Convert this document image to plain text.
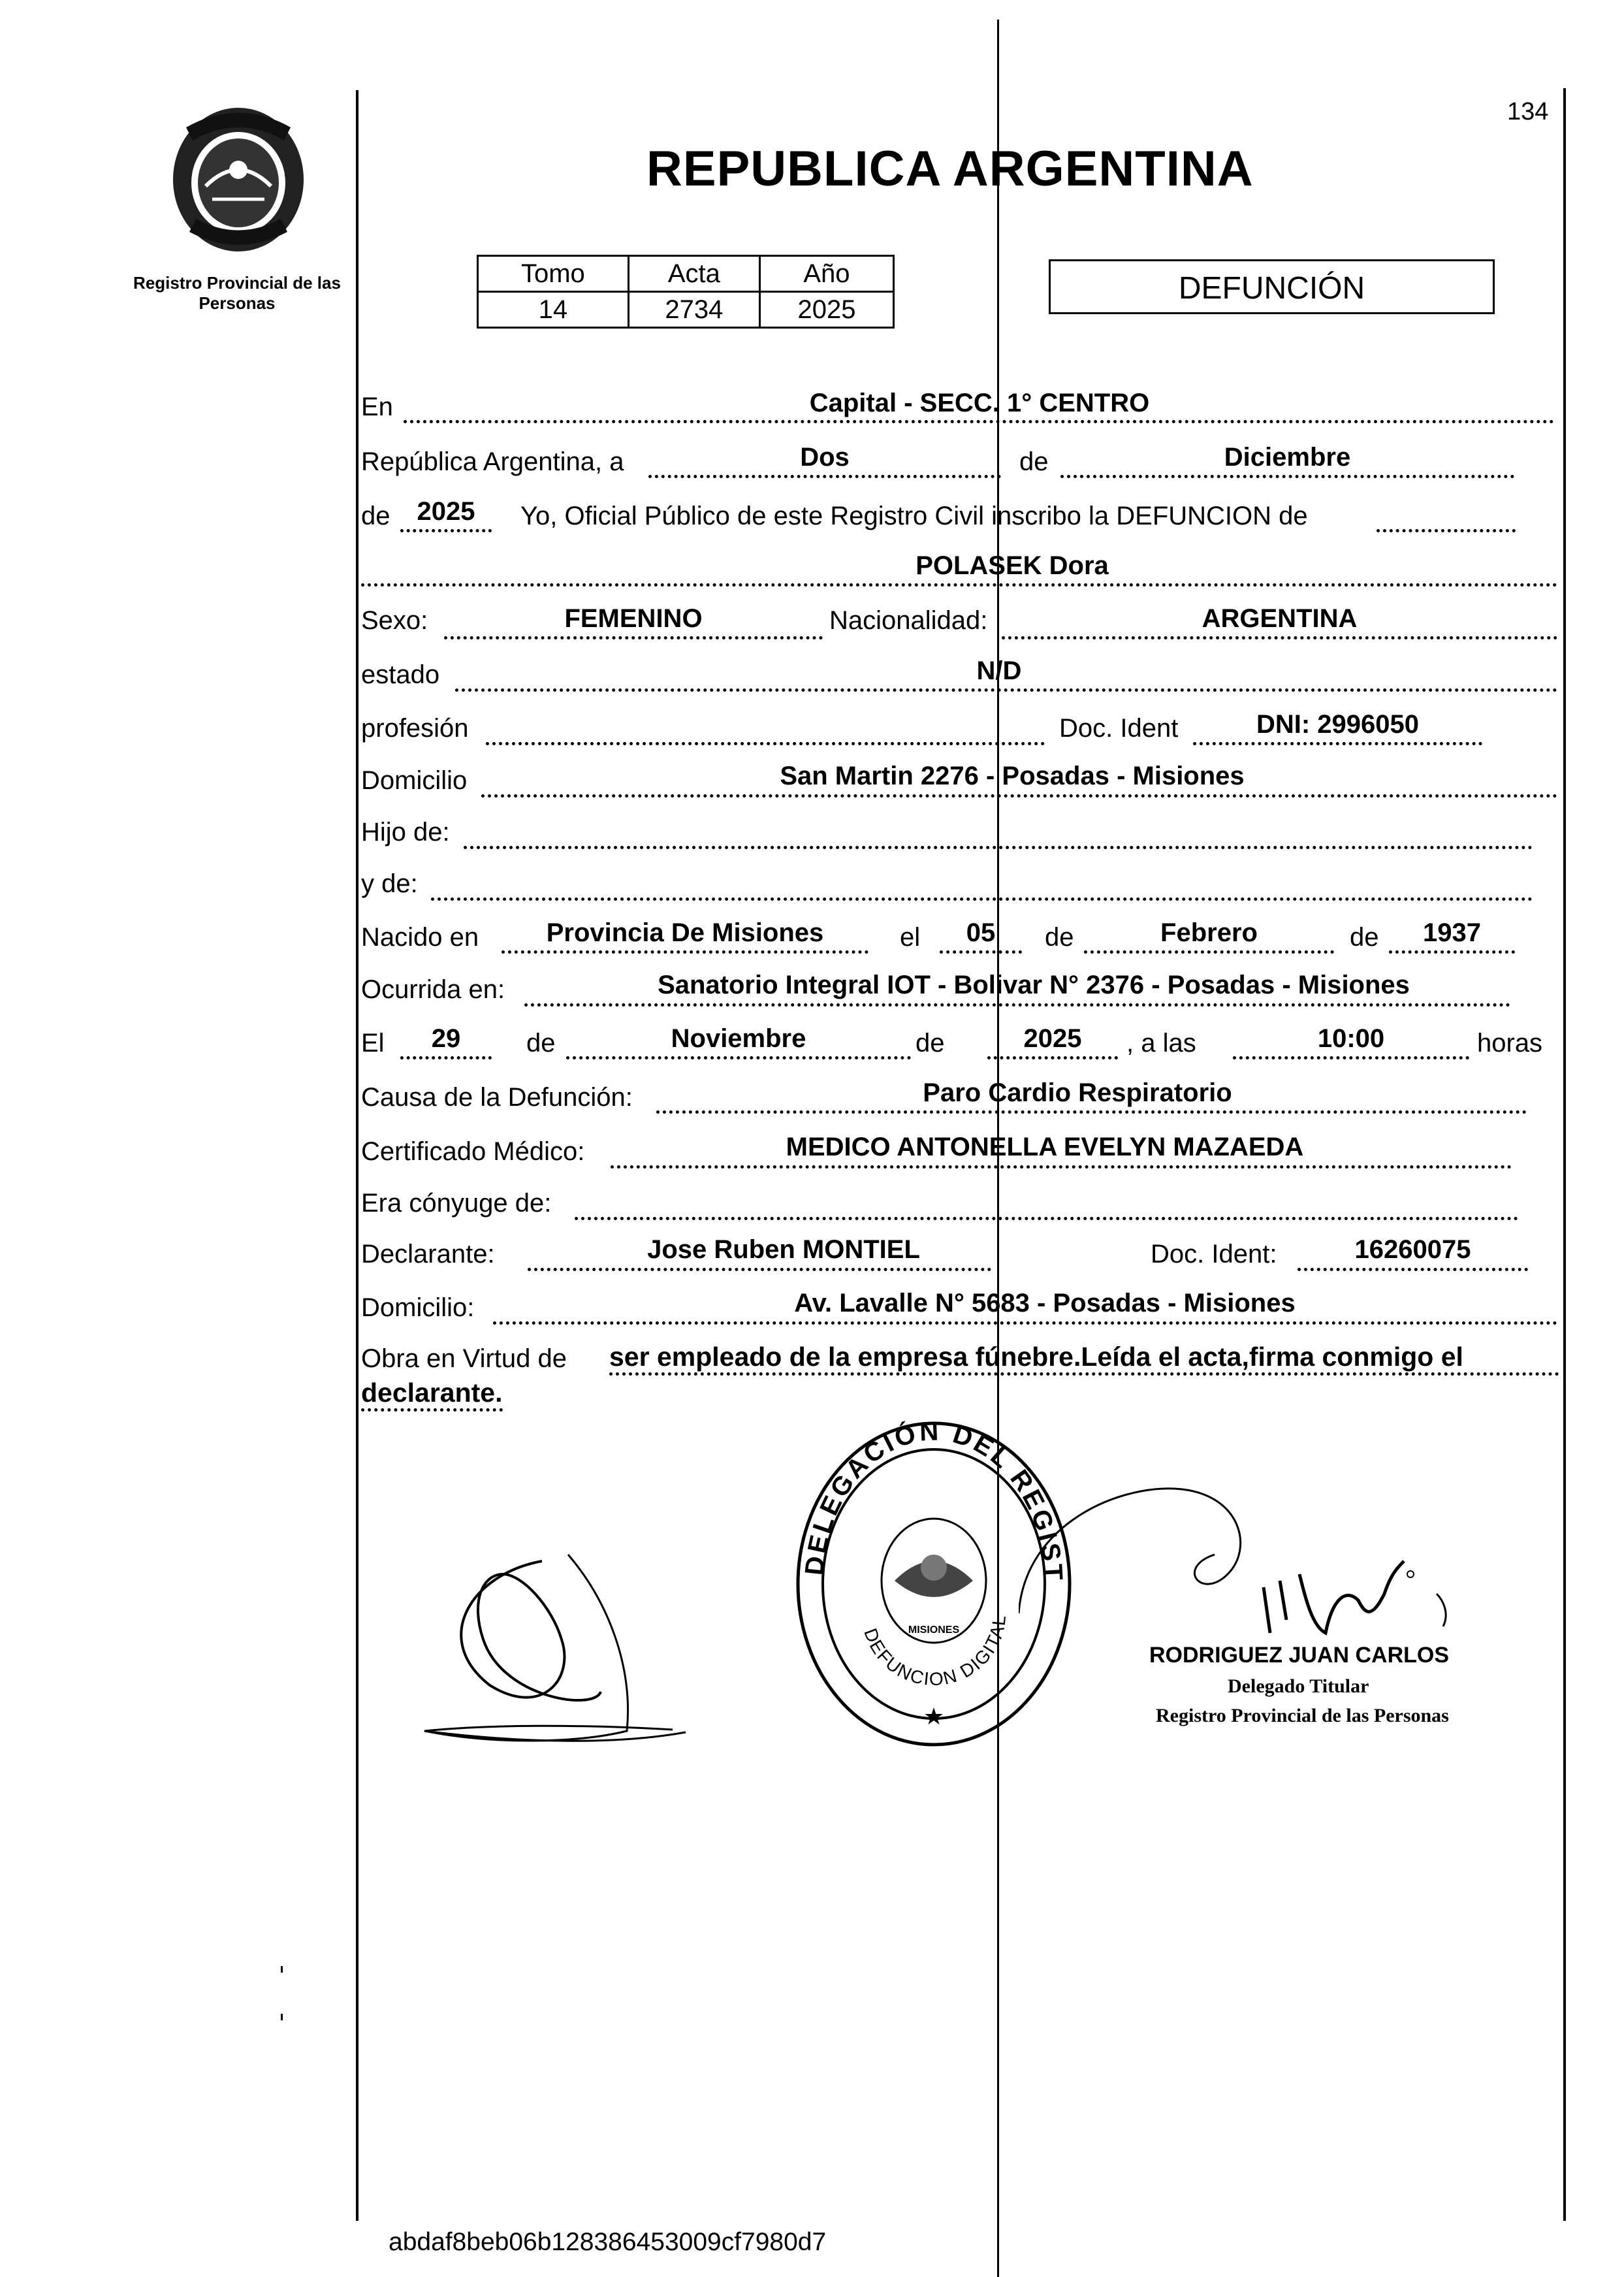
134
Registro Provincial de las Personas
REPUBLICA ARGENTINA
Tomo	Acta	Año
14	2734	2025
DEFUNCIÓN
En	Capital - SECC. 1° CENTRO
República Argentina, a	Dos	de	Diciembre
de	2025	Yo, Oficial Público de este Registro Civil inscribo la DEFUNCION de
POLASEK Dora
Sexo:	FEMENINO	Nacionalidad:	ARGENTINA
estado	N/D
profesión	Doc. Ident	DNI: 2996050
Domicilio	San Martin 2276 - Posadas - Misiones
Hijo de:
y de:
Nacido en	Provincia De Misiones	el	05	de	Febrero	de	1937
Ocurrida en:	Sanatorio Integral IOT - Bolivar N° 2376 - Posadas - Misiones
El	29	de	Noviembre	de	2025	, a las	10:00	horas
Causa de la Defunción:	Paro Cardio Respiratorio
Certificado Médico:	MEDICO ANTONELLA EVELYN MAZAEDA
Era cónyuge de:
Declarante:	Jose Ruben MONTIEL	Doc. Ident:	16260075
Domicilio:	Av. Lavalle N° 5683 - Posadas - Misiones
Obra en Virtud de ser empleado de la empresa fúnebre.Leída el acta,firma conmigo el
declarante.
DELEGACIÓN DEL REGIST
MISIONES
DEFUNCION DIGITAL
★
RODRIGUEZ JUAN CARLOS
Delegado Titular
Registro Provincial de las Personas
abdaf8beb06b128386453009cf7980d7
